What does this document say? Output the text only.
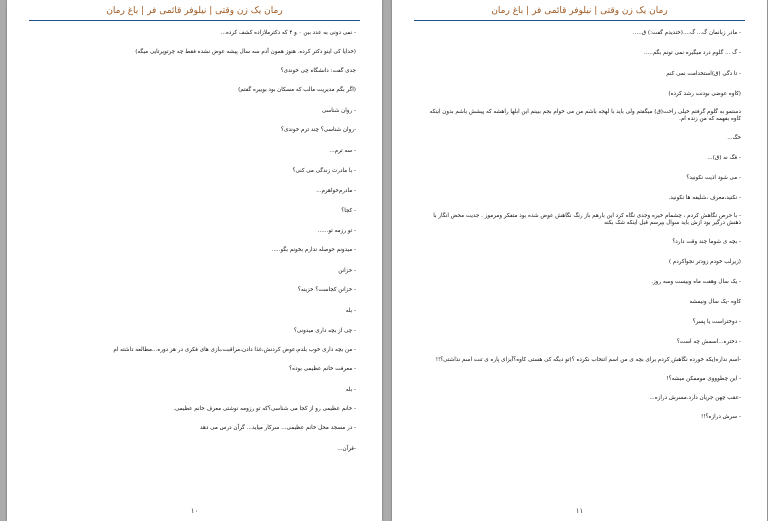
رمان یک زن وقتی | نیلوفر قائمی فر | باغ رمان

- نمی دونی به عدد بین ۰ و ۴ که دکترملازاده کشف کرده...

(خدایا کی اینو دکتر کرده. هنوز همون آدم سه سال پیشه عوض نشده فقط چه چرتوپرتایی میگه)

جدی گفت: دانشگاه چی خوندی؟

(اگر بگم مدیریت مالب که مسکان بود بوبیره گفتم)

- روان شناسی

-روان شناسی؟ چند ترم خوندی؟

- سه ترم...

- با مادرت زندگی می کنی؟

- مادرم‌خواهرم...

- کجا؟

- تو رزمه تو......

- میدونم حوصله ندارم بخونم بگو.....

- خزانن

- خزانن کجاست؟ خزینه؟

- بله

- چی از بچه داری میدونی؟

- من بچه داری خوب بلدم،عوض کردنش،غذا دادن،مراقبت،بازی های فکری در هر دوره...مطالعه داشته ام

- معرفت خانم عظیمی بوده؟

- بله

- خانم عظیمی رو از کجا می شناسی؟که تو رزومه نوشتی معرف خانم عظیمی.

- در مسجد محل خانم عظیمی... سرکار میاید... گرآن درس می دهد

-قرآن...

۱۰
رمان یک زن وقتی | نیلوفر قائمی فر | باغ رمان

- مادر زبانمان گ... گ....(خندیدم گفت:) ق.....

- گ ... گلوم درد میگیره نمی تونم بگم.....

- تا دگی (ق)استخدامت نمی کنم

(کاوه عوضی بودنت رشد کرده)

دستمو به گلوم گرفتم خیلی راحت(ق) میگفتم ولی باید با لهجه باشم من می خوام بجم ببینم این ابلها راهشه که پیشش باشم بدون اینکه کاوه بفهمه که من زنده ام.

خگ...

- فگ نه (ق)...

- می شود اذیت نکونید؟

- نکنید،معرف ،شلیفه ها نکونید.

- با حرص نگاهش کردم ، چشمام خیره وجدی نگاه کرد این بارهم باز رنگ نگاهش عوض شده بود متفکر ومرموز . جدیت محض انگار با ذهنش درگیر بود ازش باید سوال بپرسم قبل اینکه شک بکنه

- بچه ی شوما چند وقت دارد؟

(زیرلب خودم زودتر نجواکردم )

- یک سال وهفت ماه وبیست وسه روز.

کاوه -یک سال ونیمشه

- دوختراست یا پسر؟

- دختره...اسمش چه است؟

-اسم نداره(یکه خورده نگاهش کردم برای بچه ی من اسم انتخاب نکرده ؟)تو دیگه کی هستی کاوه؟آیزای پاره ی تنت اسم نذاشتی؟!!

- این چطوووی موممکن میشه؟!

-عقب چهن جریان دارد.مسرش درازه...

- سرش درازه؟!!

۱۱
